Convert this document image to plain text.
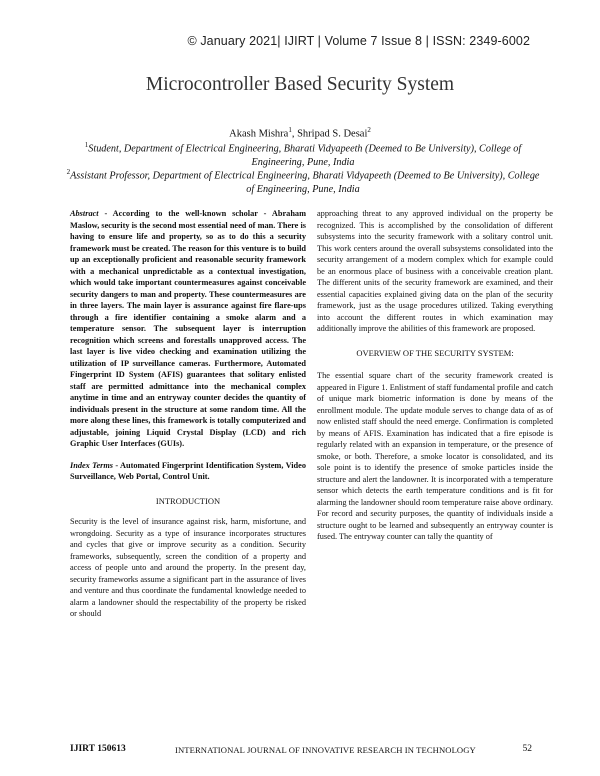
© January 2021| IJIRT | Volume 7 Issue 8 | ISSN: 2349-6002
Microcontroller Based Security System
Akash Mishra$^1$, Shripad S. Desai$^2$
$^1$Student, Department of Electrical Engineering, Bharati Vidyapeeth (Deemed to Be University), College of Engineering, Pune, India
$^2$Assistant Professor, Department of Electrical Engineering, Bharati Vidyapeeth (Deemed to Be University), College of Engineering, Pune, India
Abstract - According to the well-known scholar - Abraham Maslow, security is the second most essential need of man. There is having to ensure life and property, so as to do this a security framework must be created. The reason for this venture is to build up an exceptionally proficient and reasonable security framework with a mechanical unpredictable as a contextual investigation, which would take important countermeasures against conceivable security dangers to man and property. These countermeasures are in three layers. The main layer is assurance against fire flare-ups through a fire identifier containing a smoke alarm and a temperature sensor. The subsequent layer is interruption recognition which screens and forestalls unapproved access. The last layer is live video checking and examination utilizing the utilization of IP surveillance cameras. Furthermore, Automated Fingerprint ID System (AFIS) guarantees that solitary enlisted staff are permitted admittance into the mechanical complex anytime in time and an entryway counter decides the quantity of individuals present in the structure at some random time. All the more along these lines, this framework is totally computerized and adjustable, joining Liquid Crystal Display (LCD) and rich Graphic User Interfaces (GUIs).
Index Terms - Automated Fingerprint Identification System, Video Surveillance, Web Portal, Control Unit.
INTRODUCTION
Security is the level of insurance against risk, harm, misfortune, and wrongdoing. Security as a type of insurance incorporates structures and cycles that give or improve security as a condition. Security frameworks, subsequently, screen the condition of a property and access of people unto and around the property. In the present day, security frameworks assume a significant part in the assurance of lives and venture and thus coordinate the fundamental knowledge needed to alarm a landowner should the respectability of the property be risked or should
approaching threat to any approved individual on the property be recognized. This is accomplished by the consolidation of different subsystems into the security framework with a solitary control unit. This work centers around the overall subsystems consolidated into the security arrangement of a modern complex which for example could be an enormous place of business with a conceivable creation plant. The different units of the security framework are examined, and their essential capacities explained giving data on the plan of the security framework, just as the usage procedures utilized. Taking everything into account the different routes in which examination may additionally improve the abilities of this framework are proposed.
OVERVIEW OF THE SECURITY SYSTEM:
The essential square chart of the security framework created is appeared in Figure 1. Enlistment of staff fundamental profile and catch of unique mark biometric information is done by means of the enrollment module. The update module serves to change data of as of now enlisted staff should the need emerge. Confirmation is completed by means of AFIS. Examination has indicated that a fire episode is regularly related with an expansion in temperature, or the presence of smoke, or both. Therefore, a smoke locator is consolidated, and its sole point is to identify the presence of smoke particles inside the structure and alert the landowner. It is incorporated with a temperature sensor which detects the earth temperature conditions and is fit for alarming the landowner should room temperature raise above ordinary. For record and security purposes, the quantity of individuals inside a structure ought to be learned and subsequently an entryway counter is fused. The entryway counter can tally the quantity of
IJIRT 150613	INTERNATIONAL JOURNAL OF INNOVATIVE RESEARCH IN TECHNOLOGY	52
